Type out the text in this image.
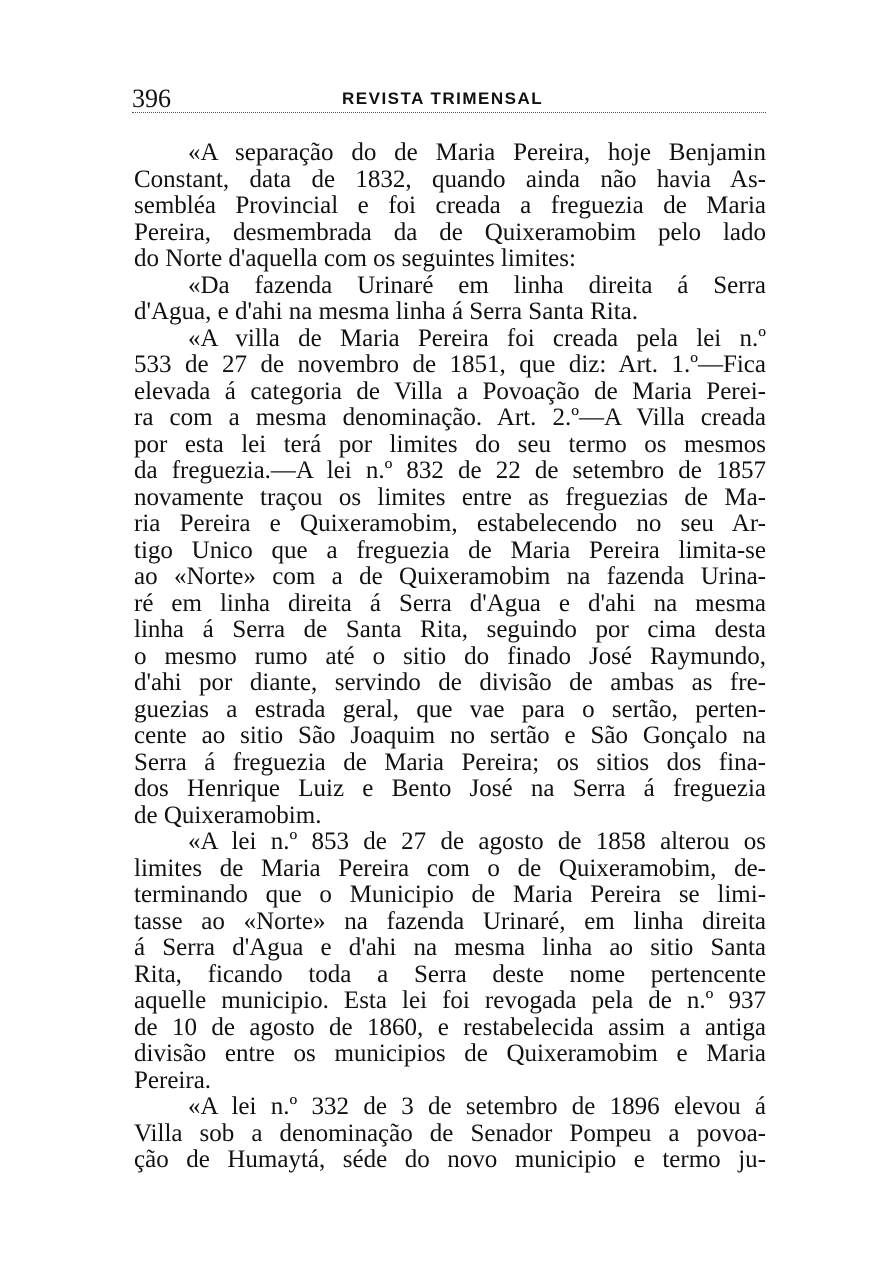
396	REVISTA TRIMENSAL
«A separação do de Maria Pereira, hoje Benjamin
Constant, data de 1832, quando ainda não havia As-
sembléa Provincial e foi creada a freguezia de Maria
Pereira, desmembrada da de Quixeramobim pelo lado
do Norte d'aquella com os seguintes limites:
«Da fazenda Urinaré em linha direita á Serra
d'Agua, e d'ahi na mesma linha á Serra Santa Rita.
«A villa de Maria Pereira foi creada pela lei n.º
533 de 27 de novembro de 1851, que diz: Art. 1.º—Fica
elevada á categoria de Villa a Povoação de Maria Perei-
ra com a mesma denominação. Art. 2.º—A Villa creada
por esta lei terá por limites do seu termo os mesmos
da freguezia.—A lei n.º 832 de 22 de setembro de 1857
novamente traçou os limites entre as freguezias de Ma-
ria Pereira e Quixeramobim, estabelecendo no seu Ar-
tigo Unico que a freguezia de Maria Pereira limita-se
ao «Norte» com a de Quixeramobim na fazenda Urina-
ré em linha direita á Serra d'Agua e d'ahi na mesma
linha á Serra de Santa Rita, seguindo por cima desta
o mesmo rumo até o sitio do finado José Raymundo,
d'ahi por diante, servindo de divisão de ambas as fre-
guezias a estrada geral, que vae para o sertão, perten-
cente ao sitio São Joaquim no sertão e São Gonçalo na
Serra á freguezia de Maria Pereira; os sitios dos fina-
dos Henrique Luiz e Bento José na Serra á freguezia
de Quixeramobim.
«A lei n.º 853 de 27 de agosto de 1858 alterou os
limites de Maria Pereira com o de Quixeramobim, de-
terminando que o Municipio de Maria Pereira se limi-
tasse ao «Norte» na fazenda Urinaré, em linha direita
á Serra d'Agua e d'ahi na mesma linha ao sitio Santa
Rita, ficando toda a Serra deste nome pertencente
aquelle municipio. Esta lei foi revogada pela de n.º 937
de 10 de agosto de 1860, e restabelecida assim a antiga
divisão entre os municipios de Quixeramobim e Maria
Pereira.
«A lei n.º 332 de 3 de setembro de 1896 elevou á
Villa sob a denominação de Senador Pompeu a povoa-
ção de Humaytá, séde do novo municipio e termo ju-
